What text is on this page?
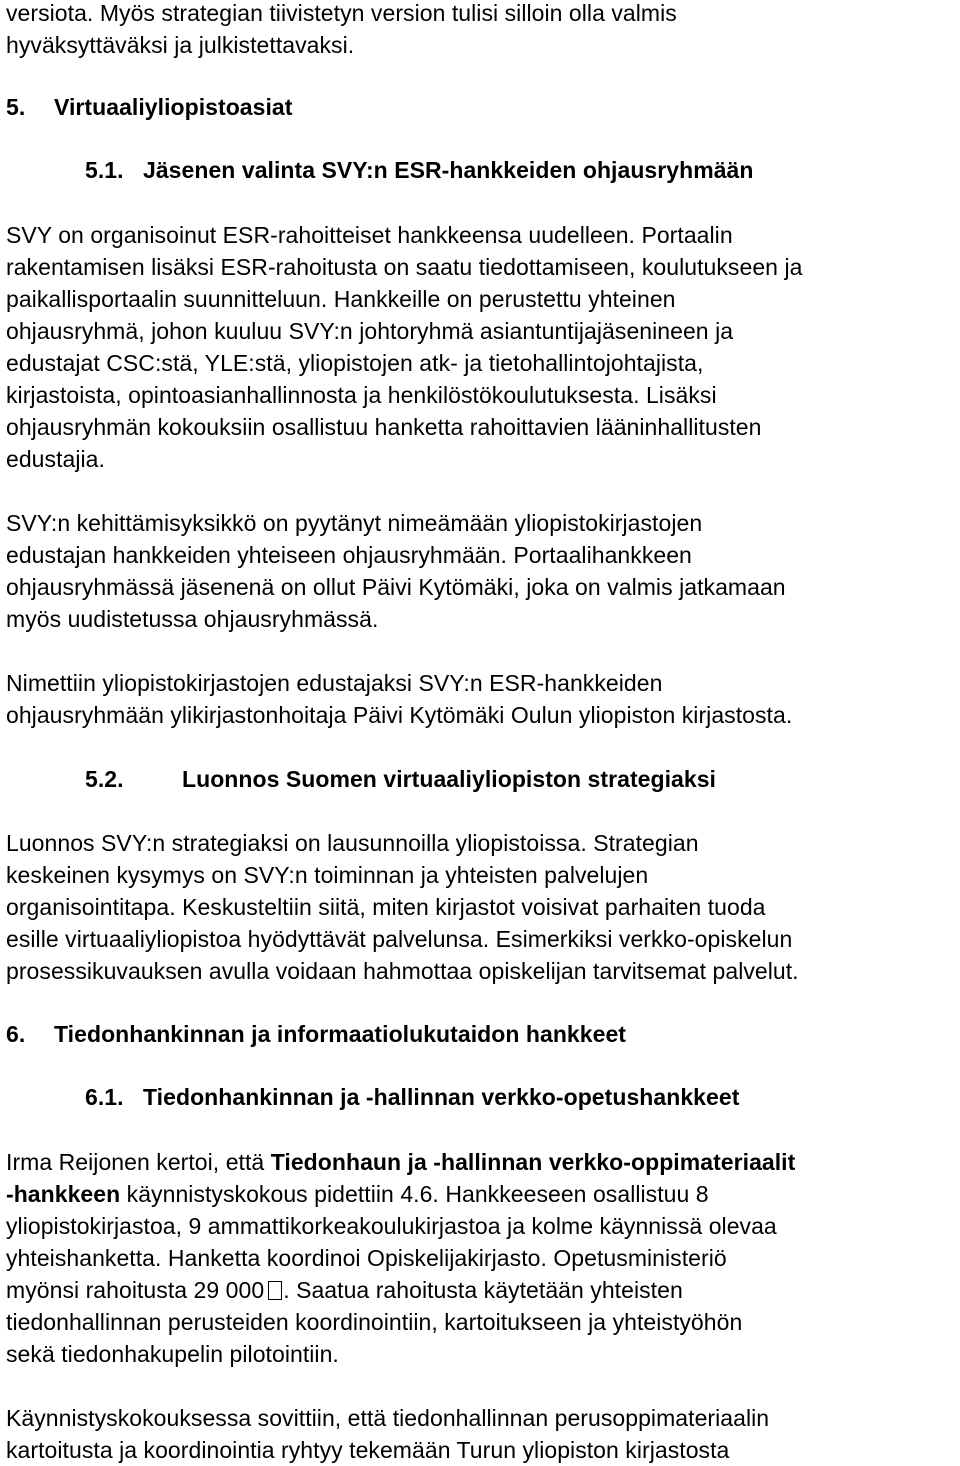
versiota. Myös strategian tiivistetyn version tulisi silloin olla valmis
hyväksyttäväksi ja julkistettavaksi.
5. Virtuaaliyliopistoasiat
5.1. Jäsenen valinta SVY:n ESR-hankkeiden ohjausryhmään
SVY on organisoinut ESR-rahoitteiset hankkeensa uudelleen. Portaalin
rakentamisen lisäksi ESR-rahoitusta on saatu tiedottamiseen, koulutukseen ja
paikallisportaalin suunnitteluun. Hankkeille on perustettu yhteinen
ohjausryhmä, johon kuuluu SVY:n johtoryhmä asiantuntijajäsenineen ja
edustajat CSC:stä, YLE:stä, yliopistojen atk- ja tietohallintojohtajista,
kirjastoista, opintoasianhallinnosta ja henkilöstökoulutuksesta. Lisäksi
ohjausryhmän kokouksiin osallistuu hanketta rahoittavien lääninhallitusten
edustajia.
SVY:n kehittämisyksikkö on pyytänyt nimeämään yliopistokirjastojen
edustajan hankkeiden yhteiseen ohjausryhmään. Portaalihankkeen
ohjausryhmässä jäsenenä on ollut Päivi Kytömäki, joka on valmis jatkamaan
myös uudistetussa ohjausryhmässä.
Nimettiin yliopistokirjastojen edustajaksi SVY:n ESR-hankkeiden
ohjausryhmään ylikirjastonhoitaja Päivi Kytömäki Oulun yliopiston kirjastosta.
5.2.	Luonnos Suomen virtuaaliyliopiston strategiaksi
Luonnos SVY:n strategiaksi on lausunnoilla yliopistoissa. Strategian
keskeinen kysymys on SVY:n toiminnan ja yhteisten palvelujen
organisointitapa. Keskusteltiin siitä, miten kirjastot voisivat parhaiten tuoda
esille virtuaaliyliopistoa hyödyttävät palvelunsa. Esimerkiksi verkko-opiskelun
prosessikuvauksen avulla voidaan hahmottaa opiskelijan tarvitsemat palvelut.
6. Tiedonhankinnan ja informaatiolukutaidon hankkeet
6.1. Tiedonhankinnan ja -hallinnan verkko-opetushankkeet
Irma Reijonen kertoi, että Tiedonhaun ja -hallinnan verkko-oppimateriaalit
-hankkeen käynnistyskokous pidettiin 4.6. Hankkeeseen osallistuu 8
yliopistokirjastoa, 9 ammattikorkeakoulukirjastoa ja kolme käynnissä olevaa
yhteishanketta. Hanketta koordinoi Opiskelijakirjasto. Opetusministeriö
myönsi rahoitusta 29 000 . Saatua rahoitusta käytetään yhteisten
tiedonhallinnan perusteiden koordinointiin, kartoitukseen ja yhteistyöhön
sekä tiedonhakupelin pilotointiin.
Käynnistyskokouksessa sovittiin, että tiedonhallinnan perusoppimateriaalin
kartoitusta ja koordinointia ryhtyy tekemään Turun yliopiston kirjastosta
